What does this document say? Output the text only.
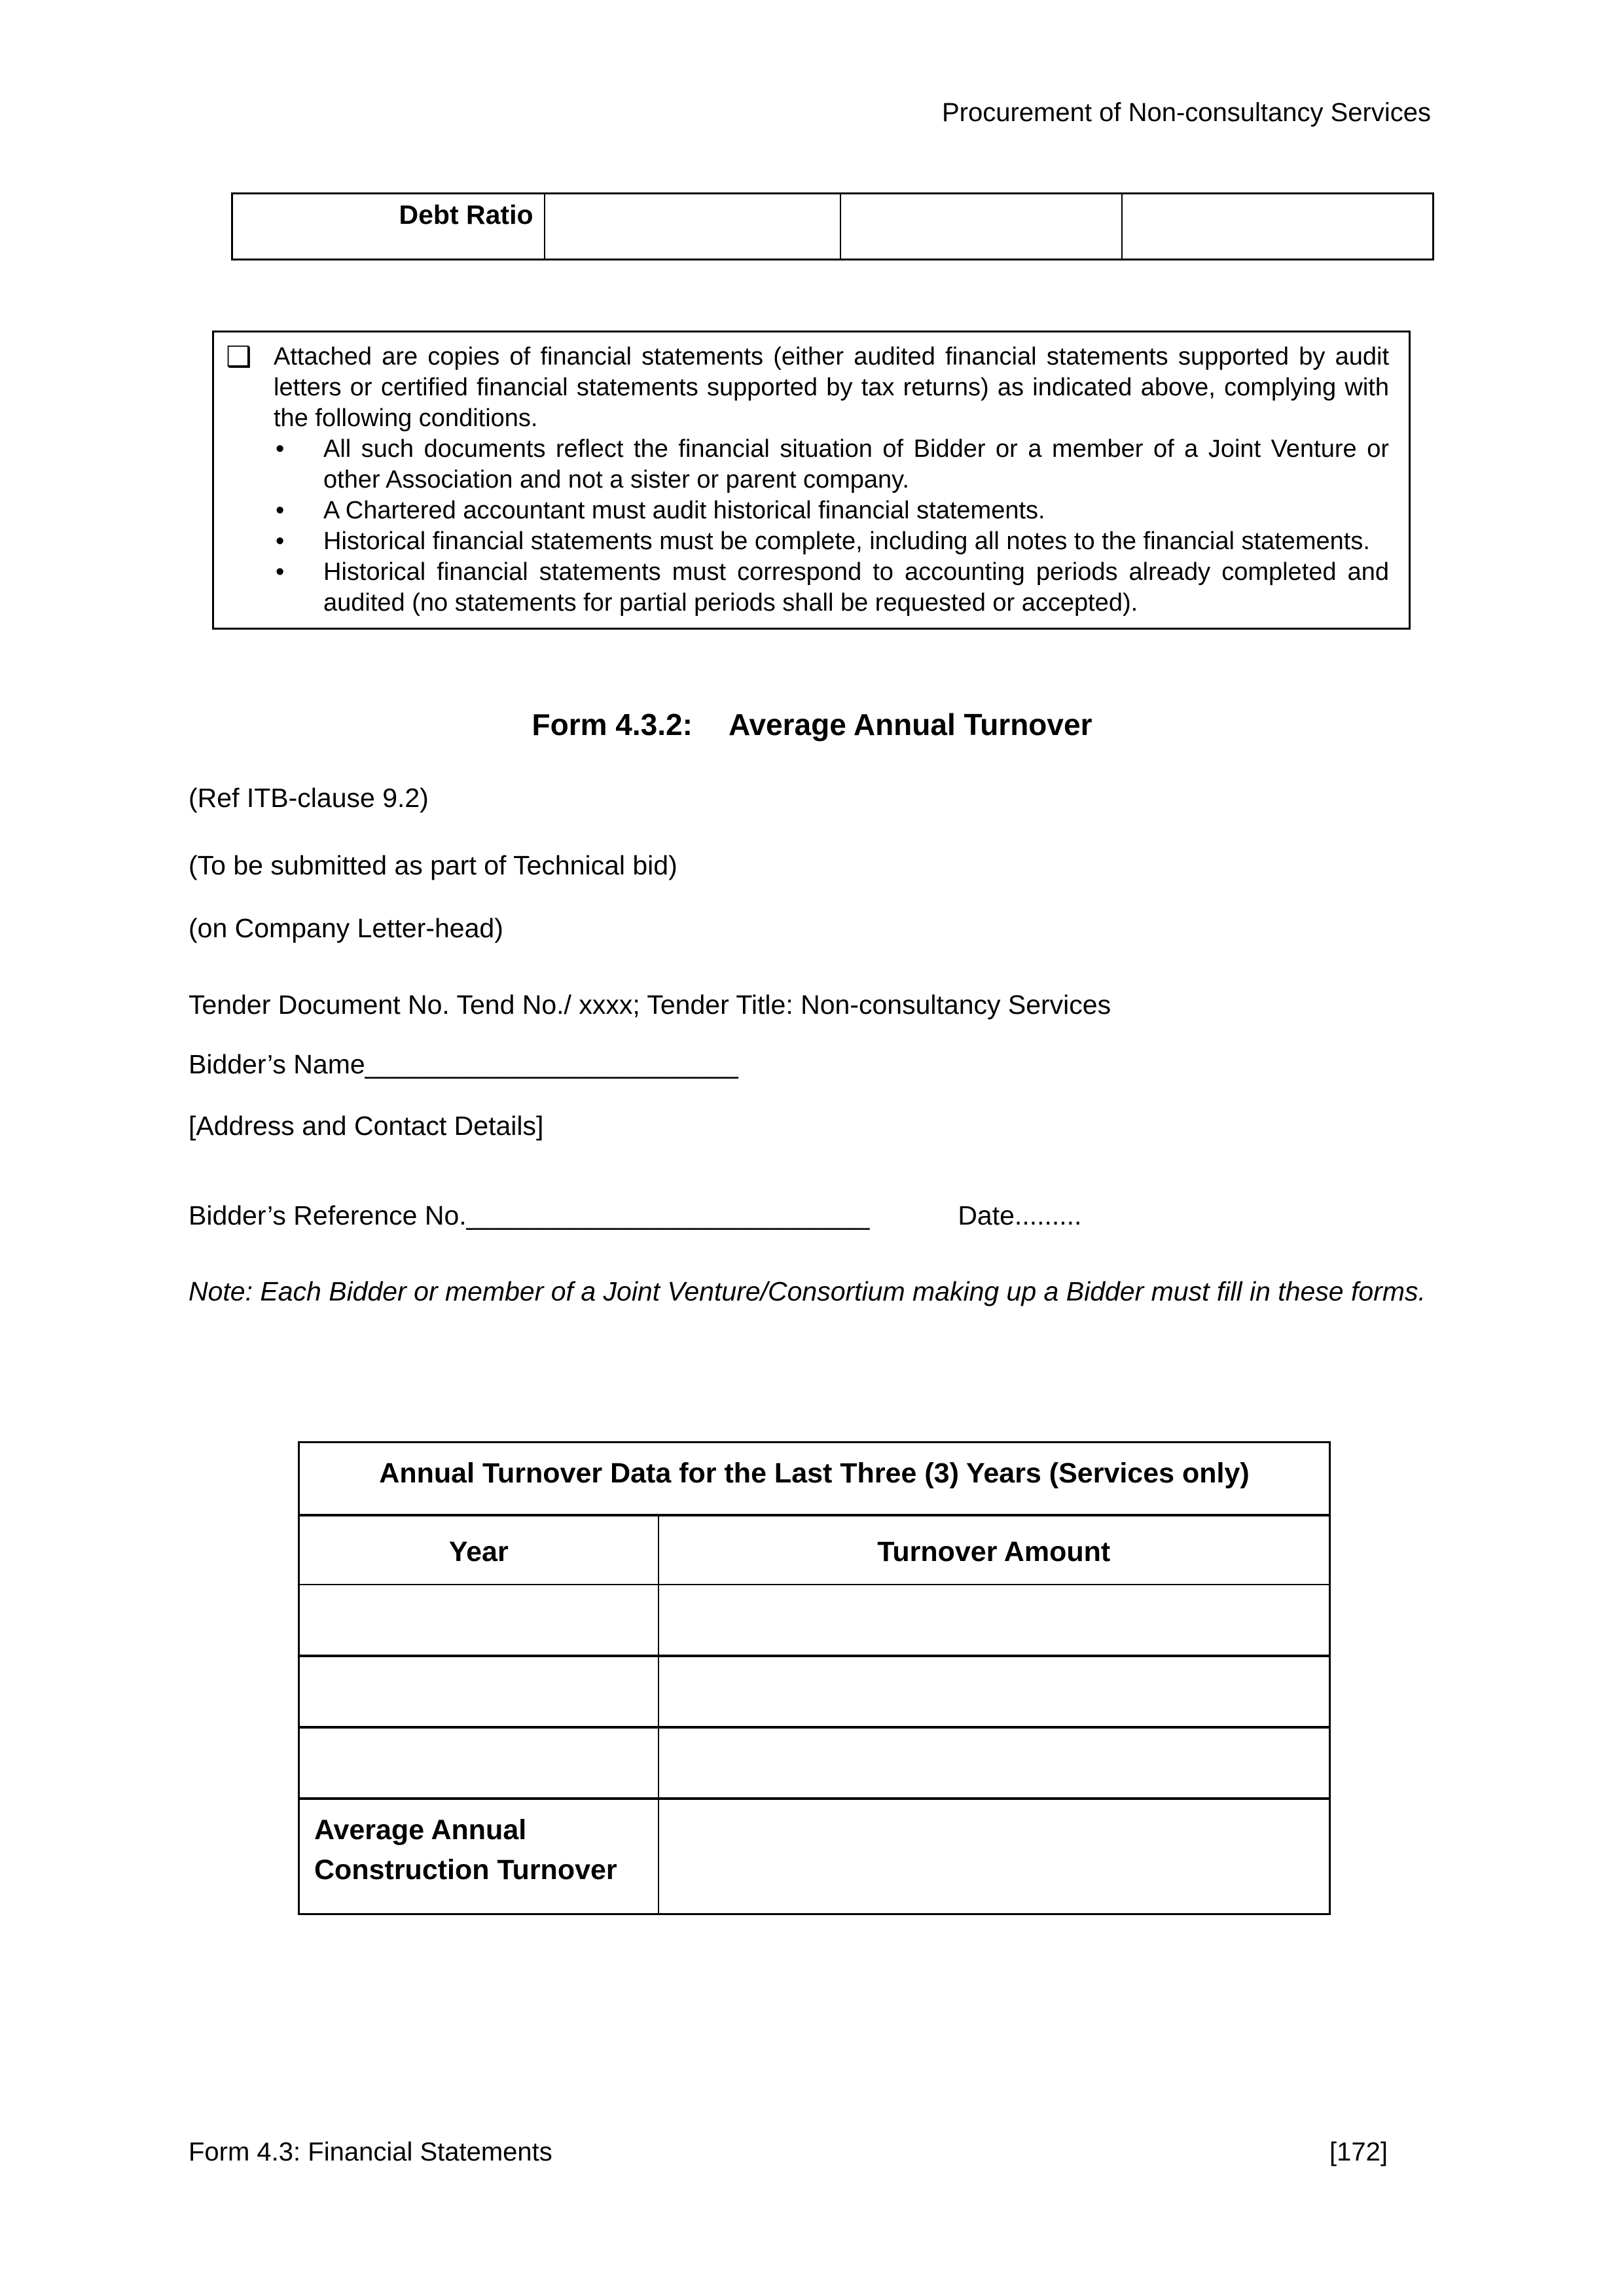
Procurement of Non-consultancy Services
Debt Ratio			
❑ Attached are copies of financial statements (either audited financial statements supported by audit letters or certified financial statements supported by tax returns) as indicated above, complying with the following conditions.
•	All such documents reflect the financial situation of Bidder or a member of a Joint Venture or other Association and not a sister or parent company.
•	A Chartered accountant must audit historical financial statements.
•	Historical financial statements must be complete, including all notes to the financial statements.
•	Historical financial statements must correspond to accounting periods already completed and audited (no statements for partial periods shall be requested or accepted).
Form 4.3.2: Average Annual Turnover
(Ref ITB-clause 9.2)
(To be submitted as part of Technical bid)
(on Company Letter-head)
Tender Document No. Tend No./ xxxx; Tender Title: Non-consultancy Services
Bidder’s Name_________________________
[Address and Contact Details]
Bidder’s Reference No.___________________________	Date.........
Note: Each Bidder or member of a Joint Venture/Consortium making up a Bidder must fill in these forms.
Annual Turnover Data for the Last Three (3) Years (Services only)	
Year	Turnover Amount

Average Annual Construction Turnover	
Form 4.3: Financial Statements	[172]
